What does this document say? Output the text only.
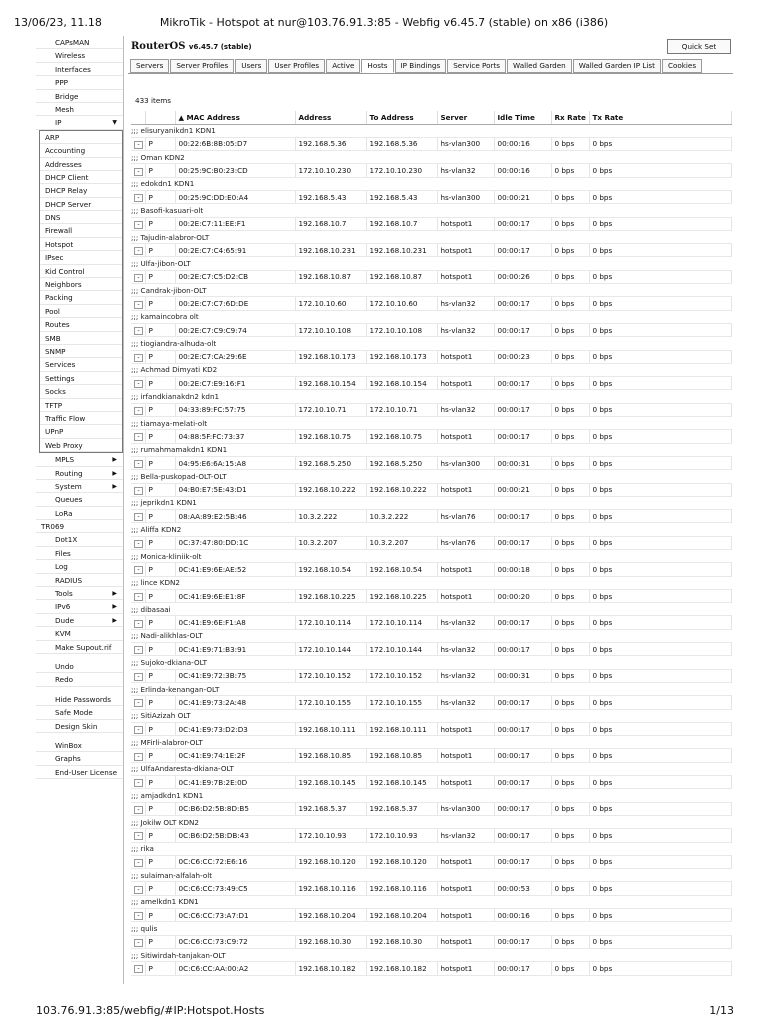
13/06/23, 11.18	MikroTik - Hotspot at nur@103.76.91.3:85 - Webfig v6.45.7 (stable) on x86 (i386)
CAPsMAN
Wireless
Interfaces
PPP
Bridge
Mesh
IP	▼
ARP
Accounting
Addresses
DHCP Client
DHCP Relay
DHCP Server
DNS
Firewall
Hotspot
IPsec
Kid Control
Neighbors
Packing
Pool
Routes
SMB
SNMP
Services
Settings
Socks
TFTP
Traffic Flow
UPnP
Web Proxy
MPLS	▶
Routing	▶
System	▶
Queues
LoRa
TR069
Dot1X
Files
Log
RADIUS
Tools	▶
IPv6	▶
Dude	▶
KVM
Make Supout.rif
Undo
Redo
Hide Passwords
Safe Mode
Design Skin
WinBox
Graphs
End-User License
RouterOS v6.45.7 (stable)	Quick Set
Servers Server Profiles Users User Profiles Active Hosts IP Bindings Service Ports Walled Garden Walled Garden IP List Cookies
433 items
		▲ MAC Address	Address	To Address	Server	Idle Time	Rx Rate	Tx Rate
;;; elisuryanikdn1 KDN1								
-	P	00:22:6B:8B:05:D7	192.168.5.36	192.168.5.36	hs-vlan300	00:00:16	0 bps	0 bps
;;; Oman KDN2								
-	P	00:25:9C:B0:23:CD	172.10.10.230	172.10.10.230	hs-vlan32	00:00:16	0 bps	0 bps
;;; edokdn1 KDN1								
-	P	00:25:9C:DD:E0:A4	192.168.5.43	192.168.5.43	hs-vlan300	00:00:21	0 bps	0 bps
;;; Basofi-kasuari-olt								
-	P	00:2E:C7:11:EE:F1	192.168.10.7	192.168.10.7	hotspot1	00:00:17	0 bps	0 bps
;;; Tajudin-alabror-OLT								
-	P	00:2E:C7:C4:65:91	192.168.10.231	192.168.10.231	hotspot1	00:00:17	0 bps	0 bps
;;; Ulfa-jibon-OLT								
-	P	00:2E:C7:C5:D2:CB	192.168.10.87	192.168.10.87	hotspot1	00:00:26	0 bps	0 bps
;;; Candrak-jibon-OLT								
-	P	00:2E:C7:C7:6D:DE	172.10.10.60	172.10.10.60	hs-vlan32	00:00:17	0 bps	0 bps
;;; kamaincobra olt								
-	P	00:2E:C7:C9:C9:74	172.10.10.108	172.10.10.108	hs-vlan32	00:00:17	0 bps	0 bps
;;; tiogiandra-alhuda-olt								
-	P	00:2E:C7:CA:29:6E	192.168.10.173	192.168.10.173	hotspot1	00:00:23	0 bps	0 bps
;;; Achmad Dimyati KD2								
-	P	00:2E:C7:E9:16:F1	192.168.10.154	192.168.10.154	hotspot1	00:00:17	0 bps	0 bps
;;; irfandkianakdn2 kdn1								
-	P	04:33:89:FC:57:75	172.10.10.71	172.10.10.71	hs-vlan32	00:00:17	0 bps	0 bps
;;; tiamaya-melati-olt								
-	P	04:88:5F:FC:73:37	192.168.10.75	192.168.10.75	hotspot1	00:00:17	0 bps	0 bps
;;; rumahmamakdn1 KDN1								
-	P	04:95:E6:6A:15:A8	192.168.5.250	192.168.5.250	hs-vlan300	00:00:31	0 bps	0 bps
;;; Bella-puskopad-OLT-OLT								
-	P	04:B0:E7:5E:43:D1	192.168.10.222	192.168.10.222	hotspot1	00:00:21	0 bps	0 bps
;;; jeprikdn1 KDN1								
-	P	08:AA:89:E2:5B:46	10.3.2.222	10.3.2.222	hs-vlan76	00:00:17	0 bps	0 bps
;;; Aliffa KDN2								
-	P	0C:37:47:80:DD:1C	10.3.2.207	10.3.2.207	hs-vlan76	00:00:17	0 bps	0 bps
;;; Monica-kliniik-olt								
-	P	0C:41:E9:6E:AE:52	192.168.10.54	192.168.10.54	hotspot1	00:00:18	0 bps	0 bps
;;; lince KDN2								
-	P	0C:41:E9:6E:E1:8F	192.168.10.225	192.168.10.225	hotspot1	00:00:20	0 bps	0 bps
;;; dibasaai								
-	P	0C:41:E9:6E:F1:A8	172.10.10.114	172.10.10.114	hs-vlan32	00:00:17	0 bps	0 bps
;;; Nadi-alikhlas-OLT								
-	P	0C:41:E9:71:B3:91	172.10.10.144	172.10.10.144	hs-vlan32	00:00:17	0 bps	0 bps
;;; Sujoko-dkiana-OLT								
-	P	0C:41:E9:72:3B:75	172.10.10.152	172.10.10.152	hs-vlan32	00:00:31	0 bps	0 bps
;;; Erlinda-kenangan-OLT								
-	P	0C:41:E9:73:2A:48	172.10.10.155	172.10.10.155	hs-vlan32	00:00:17	0 bps	0 bps
;;; SitiAzizah OLT								
-	P	0C:41:E9:73:D2:D3	192.168.10.111	192.168.10.111	hotspot1	00:00:17	0 bps	0 bps
;;; MFirli-alabror-OLT								
-	P	0C:41:E9:74:1E:2F	192.168.10.85	192.168.10.85	hotspot1	00:00:17	0 bps	0 bps
;;; UlfaAndaresta-dkiana-OLT								
-	P	0C:41:E9:7B:2E:0D	192.168.10.145	192.168.10.145	hotspot1	00:00:17	0 bps	0 bps
;;; amjadkdn1 KDN1								
-	P	0C:B6:D2:5B:8D:B5	192.168.5.37	192.168.5.37	hs-vlan300	00:00:17	0 bps	0 bps
;;; Jokilw OLT KDN2								
-	P	0C:B6:D2:5B:DB:43	172.10.10.93	172.10.10.93	hs-vlan32	00:00:17	0 bps	0 bps
;;; rika								
-	P	0C:C6:CC:72:E6:16	192.168.10.120	192.168.10.120	hotspot1	00:00:17	0 bps	0 bps
;;; sulaiman-alfalah-olt								
-	P	0C:C6:CC:73:49:C5	192.168.10.116	192.168.10.116	hotspot1	00:00:53	0 bps	0 bps
;;; amelkdn1 KDN1								
-	P	0C:C6:CC:73:A7:D1	192.168.10.204	192.168.10.204	hotspot1	00:00:16	0 bps	0 bps
;;; qulis								
-	P	0C:C6:CC:73:C9:72	192.168.10.30	192.168.10.30	hotspot1	00:00:17	0 bps	0 bps
;;; Sitiwirdah-tanjakan-OLT								
-	P	0C:C6:CC:AA:00:A2	192.168.10.182	192.168.10.182	hotspot1	00:00:17	0 bps	0 bps
103.76.91.3:85/webfig/#IP:Hotspot.Hosts	1/13
